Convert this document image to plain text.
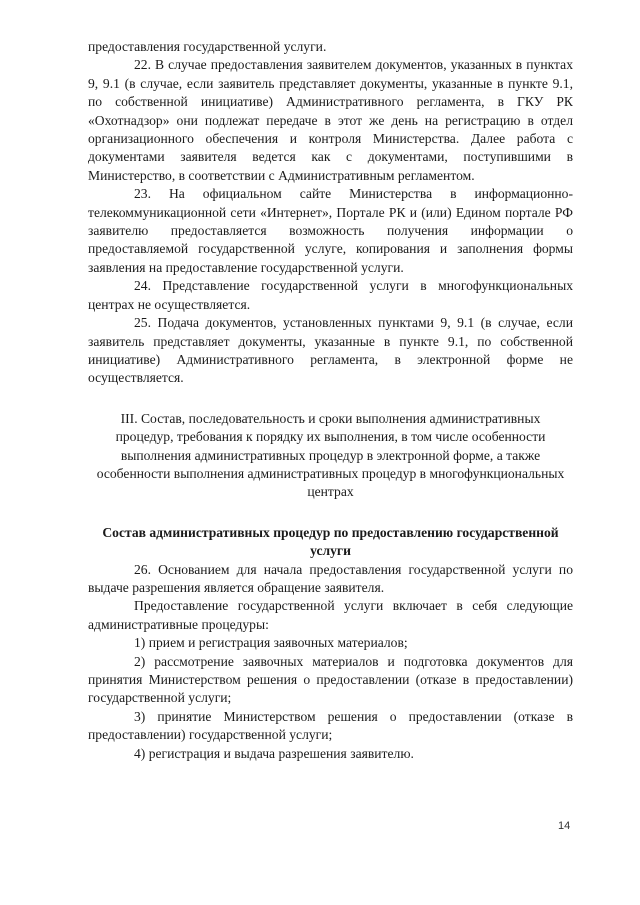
предоставления государственной услуги.

22. В случае предоставления заявителем документов, указанных в пунктах 9, 9.1 (в случае, если заявитель представляет документы, указанные в пункте 9.1, по собственной инициативе) Административного регламента, в ГКУ РК «Охотнадзор» они подлежат передаче в этот же день на регистрацию в отдел организационного обеспечения и контроля Министерства. Далее работа с документами заявителя ведется как с документами, поступившими в Министерство, в соответствии с Административным регламентом.

23. На официальном сайте Министерства в информационно-телекоммуникационной сети «Интернет», Портале РК и (или) Едином портале РФ заявителю предоставляется возможность получения информации о предоставляемой государственной услуге, копирования и заполнения формы заявления на предоставление государственной услуги.

24. Представление государственной услуги в многофункциональных центрах не осуществляется.

25. Подача документов, установленных пунктами 9, 9.1 (в случае, если заявитель представляет документы, указанные в пункте 9.1, по собственной инициативе) Административного регламента, в электронной форме не осуществляется.

III. Состав, последовательность и сроки выполнения административных процедур, требования к порядку их выполнения, в том числе особенности выполнения административных процедур в электронной форме, а также особенности выполнения административных процедур в многофункциональных центрах

Состав административных процедур по предоставлению государственной услуги

26. Основанием для начала предоставления государственной услуги по выдаче разрешения является обращение заявителя.

Предоставление государственной услуги включает в себя следующие административные процедуры:

1) прием и регистрация заявочных материалов;

2) рассмотрение заявочных материалов и подготовка документов для принятия Министерством решения о предоставлении (отказе в предоставлении) государственной услуги;

3) принятие Министерством решения о предоставлении (отказе в предоставлении) государственной услуги;

4) регистрация и выдача разрешения заявителю.

14
